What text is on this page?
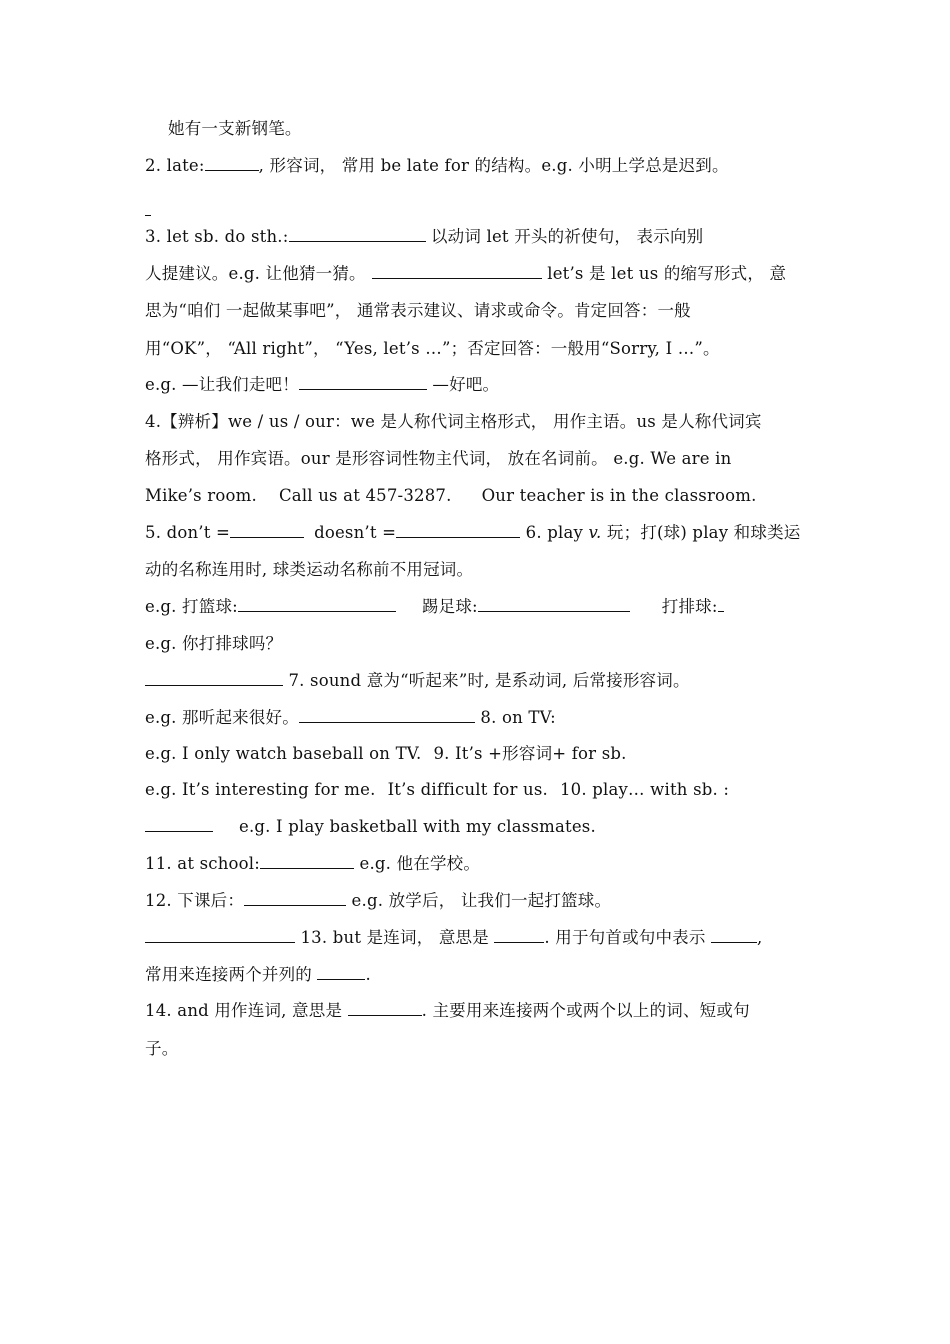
她有一支新钢笔。
2. late:	, 形容词， 常用 be late for 的结构。e.g. 小明上学总是迟到。
3. let sb. do sth.:	以动词 let 开头的祈使句， 表示向别
人提建议。e.g. 让他猜一猜。	let’s 是 let us 的缩写形式， 意
思为“咱们 一起做某事吧”， 通常表示建议、请求或命令。肯定回答：一般
用“OK”， “All right”， “Yes, let’s …”；否定回答：一般用“Sorry, I …”。
e.g. —让我们走吧！	—好吧。
4.【辨析】we / us / our：we 是人称代词主格形式， 用作主语。us 是人称代词宾
格形式， 用作宾语。our 是形容词性物主代词， 放在名词前。 e.g. We are in
Mike’s room. Call us at 457-3287. Our teacher is in the classroom.
5. don’t =	doesn’t =	6. play v. 玩；打(球) play 和球类运
动的名称连用时, 球类运动名称前不用冠词。
e.g. 打篮球:	踢足球:	打排球:
e.g. 你打排球吗？
7. sound 意为“听起来”时, 是系动词, 后常接形容词。
e.g. 那听起来很好。	8. on TV:
e.g. I only watch baseball on TV. 9. It’s +形容词+ for sb.
e.g. It’s interesting for me. It’s difficult for us. 10. play… with sb. :
e.g. I play basketball with my classmates.
11. at school:	e.g. 他在学校。
12. 下课后：	e.g. 放学后， 让我们一起打篮球。
13. but 是连词， 意思是	. 用于句首或句中表示	,
常用来连接两个并列的	.
14. and 用作连词, 意思是	. 主要用来连接两个或两个以上的词、短或句
子。
